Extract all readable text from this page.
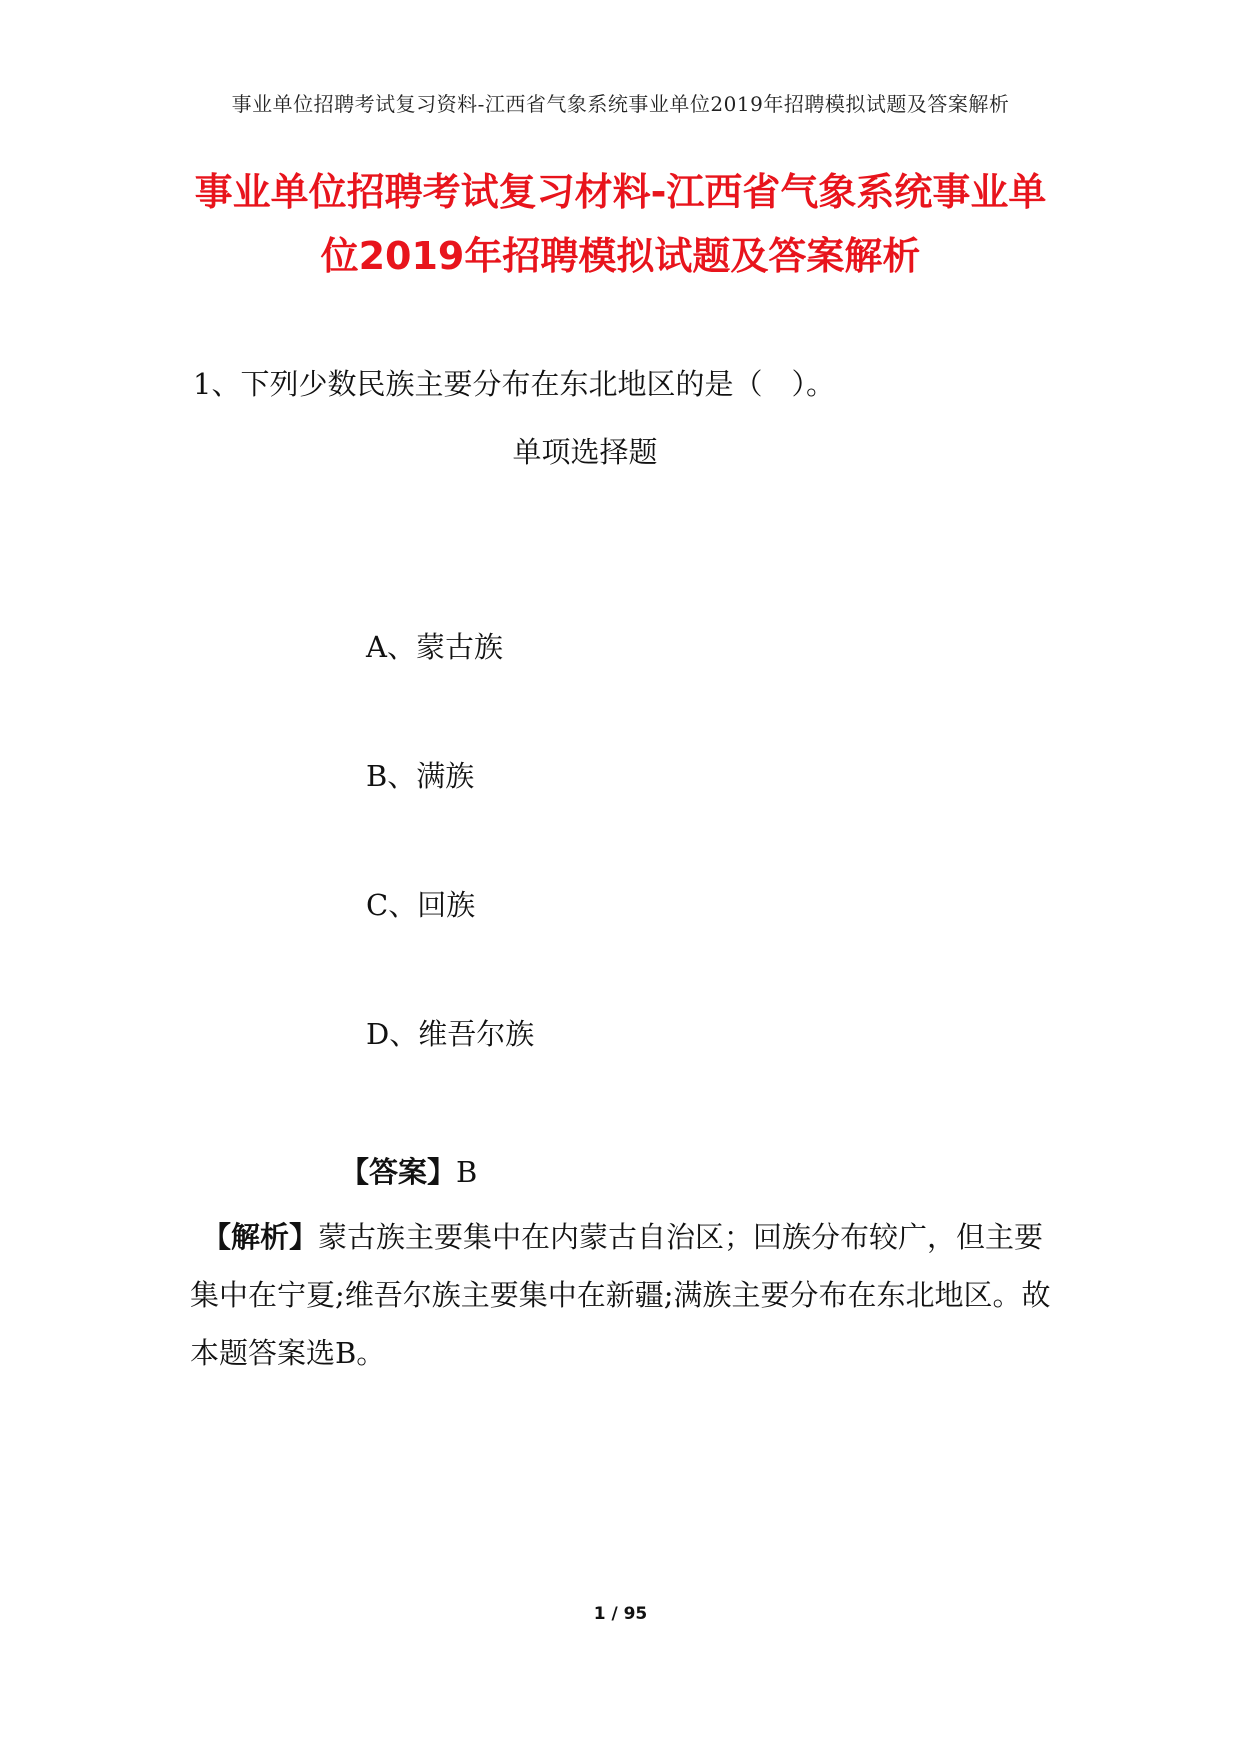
事业单位招聘考试复习资料-江西省气象系统事业单位2019年招聘模拟试题及答案解析
事业单位招聘考试复习材料-江西省气象系统事业单位2019年招聘模拟试题及答案解析
1、下列少数民族主要分布在东北地区的是（　）。
单项选择题
A、蒙古族
B、满族
C、回族
D、维吾尔族
【答案】B
【解析】蒙古族主要集中在内蒙古自治区；回族分布较广，但主要集中在宁夏;维吾尔族主要集中在新疆;满族主要分布在东北地区。故本题答案选B。
1 / 95
